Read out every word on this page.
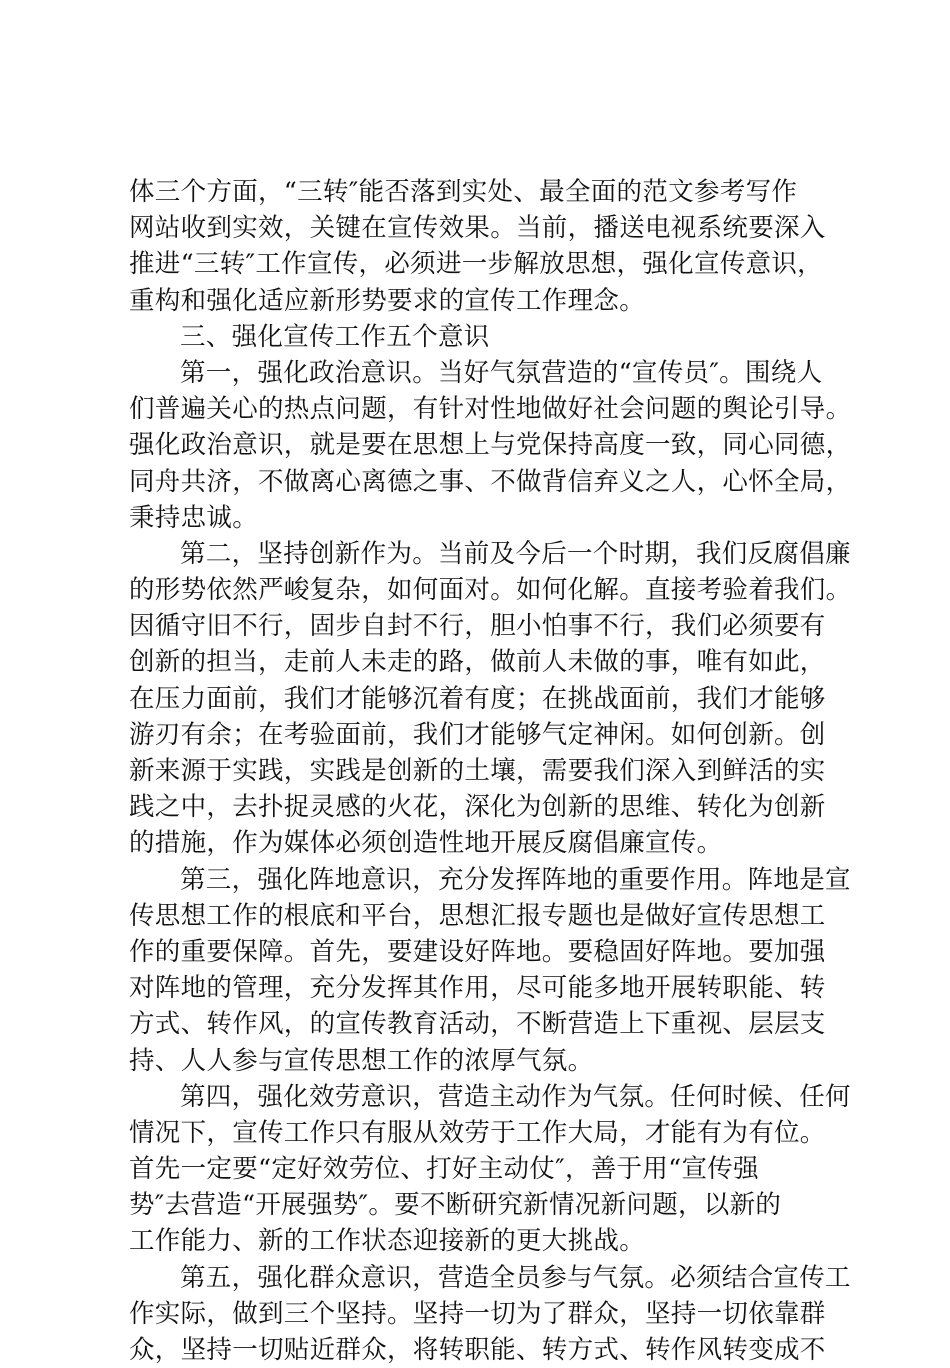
体三个方面，“三转″能否落到实处、最全面的范文参考写作
网站收到实效，关键在宣传效果。当前，播送电视系统要深入
推进“三转″工作宣传，必须进一步解放思想，强化宣传意识，
重构和强化适应新形势要求的宣传工作理念。
三、强化宣传工作五个意识
第一，强化政治意识。当好气氛营造的“宣传员″。围绕人
们普遍关心的热点问题，有针对性地做好社会问题的舆论引导。
强化政治意识，就是要在思想上与党保持高度一致，同心同德，
同舟共济，不做离心离德之事、不做背信弃义之人，心怀全局，
秉持忠诚。
第二，坚持创新作为。当前及今后一个时期，我们反腐倡廉
的形势依然严峻复杂，如何面对。如何化解。直接考验着我们。
因循守旧不行，固步自封不行，胆小怕事不行，我们必须要有
创新的担当，走前人未走的路，做前人未做的事，唯有如此，
在压力面前，我们才能够沉着有度；在挑战面前，我们才能够
游刃有余；在考验面前，我们才能够气定神闲。如何创新。创
新来源于实践，实践是创新的土壤，需要我们深入到鲜活的实
践之中，去扑捉灵感的火花，深化为创新的思维、转化为创新
的措施，作为媒体必须创造性地开展反腐倡廉宣传。
第三，强化阵地意识，充分发挥阵地的重要作用。阵地是宣
传思想工作的根底和平台，思想汇报专题也是做好宣传思想工
作的重要保障。首先，要建设好阵地。要稳固好阵地。要加强
对阵地的管理，充分发挥其作用，尽可能多地开展转职能、转
方式、转作风，的宣传教育活动，不断营造上下重视、层层支
持、人人参与宣传思想工作的浓厚气氛。
第四，强化效劳意识，营造主动作为气氛。任何时候、任何
情况下，宣传工作只有服从效劳于工作大局，才能有为有位。
首先一定要“定好效劳位、打好主动仗″，善于用“宣传强
势″去营造“开展强势″。要不断研究新情况新问题，以新的
工作能力、新的工作状态迎接新的更大挑战。
第五，强化群众意识，营造全员参与气氛。必须结合宣传工
作实际，做到三个坚持。坚持一切为了群众，坚持一切依靠群
众，坚持一切贴近群众，将转职能、转方式、转作风转变成不
